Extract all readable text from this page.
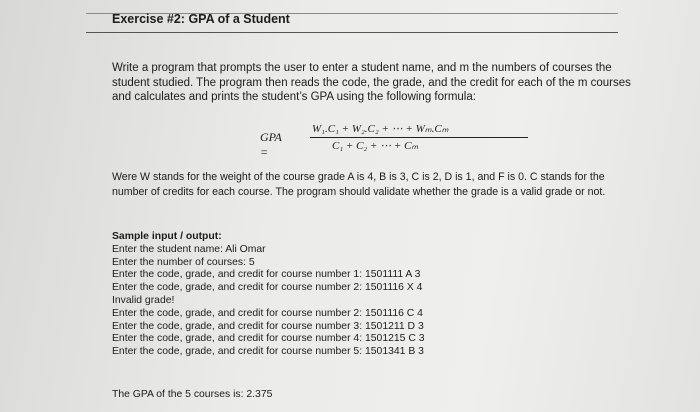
Exercise #2: GPA of a Student
Write a program that prompts the user to enter a student name, and m the numbers of courses the student studied. The program then reads the code, the grade, and the credit for each of the m courses and calculates and prints the student’s GPA using the following formula:
GPA =
W₁.C₁ + W₂.C₂ + ⋯ + Wₘ.Cₘ
C₁ + C₂ + ⋯ + Cₘ
Were W stands for the weight of the course grade A is 4, B is 3, C is 2, D is 1, and F is 0. C stands for the number of credits for each course. The program should validate whether the grade is a valid grade or not.
Sample input / output:
Enter the student name: Ali Omar
Enter the number of courses: 5
Enter the code, grade, and credit for course number 1: 1501111 A 3
Enter the code, grade, and credit for course number 2: 1501116 X 4
Invalid grade!
Enter the code, grade, and credit for course number 2: 1501116 C 4
Enter the code, grade, and credit for course number 3: 1501211 D 3
Enter the code, grade, and credit for course number 4: 1501215 C 3
Enter the code, grade, and credit for course number 5: 1501341 B 3
The GPA of the 5 courses is: 2.375
